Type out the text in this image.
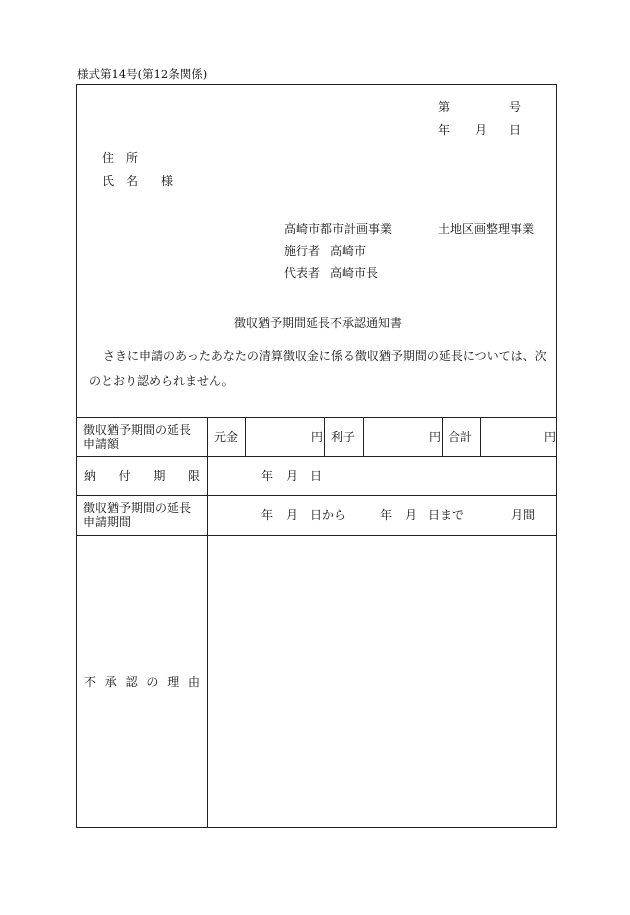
様式第14号(第12条関係)
第	号
年 月 日
住　所
氏　名 様
高崎市都市計画事業	土地区画整理事業
施行者 高崎市
代表者 高崎市長
徴収猶予期間延長不承認通知書
さきに申請のあったあなたの清算徴収金に係る徴収猶予期間の延長については、次
のとおり認められません。
徴収猶予期間の延長
申請額	元金	円 利子	円 合計	円
納 付 期 限	年 月 日
徴収猶予期間の延長
申請期間	年 月 日から	年 月 日まで	月間
不 承 認 の 理 由
